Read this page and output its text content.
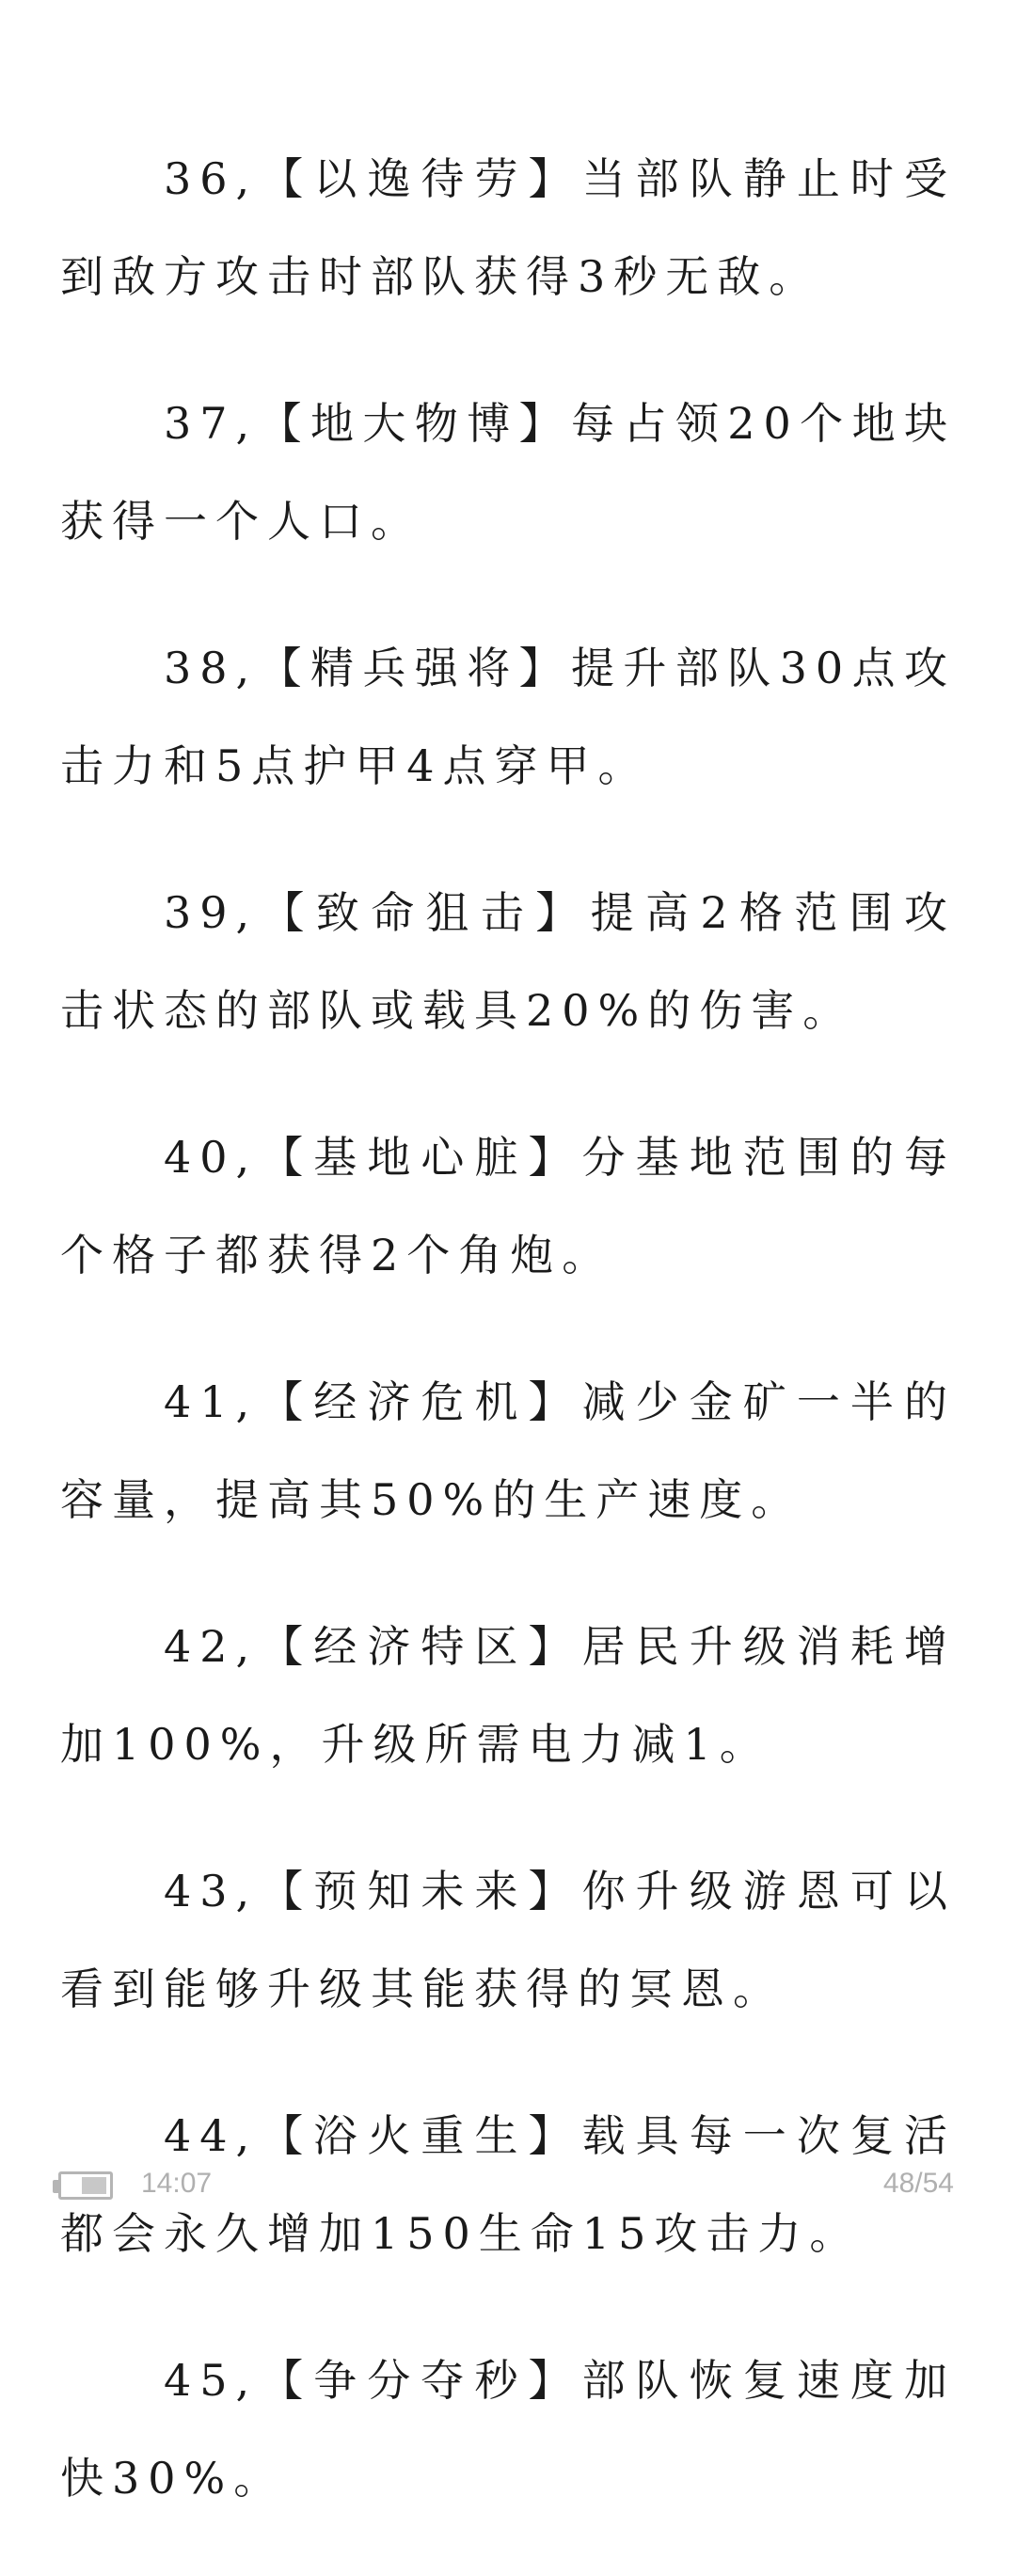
36,【以逸待劳】当部队静止时受到敌方攻击时部队获得3秒无敌。

37,【地大物博】每占领20个地块获得一个人口。

38,【精兵强将】提升部队30点攻击力和5点护甲4点穿甲。

39,【致命狙击】提高2格范围攻击状态的部队或载具20%的伤害。

40,【基地心脏】分基地范围的每个格子都获得2个角炮。

41,【经济危机】减少金矿一半的容量，提高其50%的生产速度。

42,【经济特区】居民升级消耗增加100%，升级所需电力减1。

43,【预知未来】你升级游恩可以看到能够升级其能获得的冥恩。

44,【浴火重生】载具每一次复活都会永久增加150生命15攻击力。

45,【争分夺秒】部队恢复速度加快30%。

14:07	48/54
